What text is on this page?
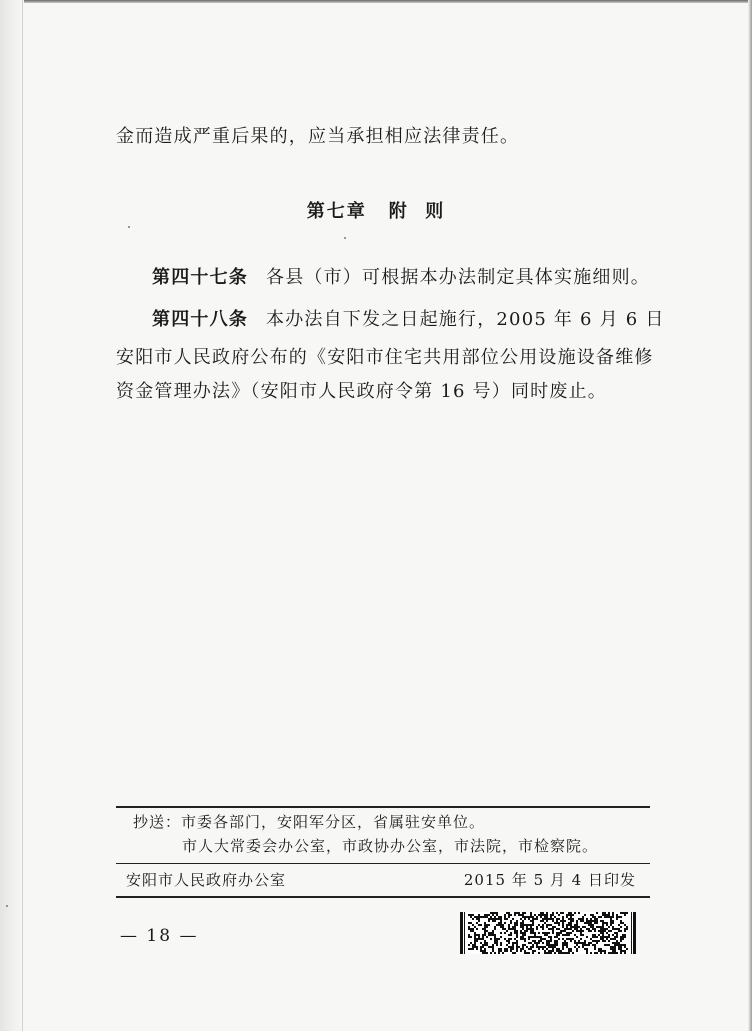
金而造成严重后果的，应当承担相应法律责任。
第七章 附  则
第四十七条 各县（市）可根据本办法制定具体实施细则。
第四十八条 本办法自下发之日起施行，2005 年 6 月 6 日
安阳市人民政府公布的《安阳市住宅共用部位公用设施设备维修
资金管理办法》（安阳市人民政府令第 16 号）同时废止。
抄送：市委各部门，安阳军分区，省属驻安单位。
市人大常委会办公室，市政协办公室，市法院，市检察院。
安阳市人民政府办公室	2015 年 5 月 4 日印发
— 18 —
